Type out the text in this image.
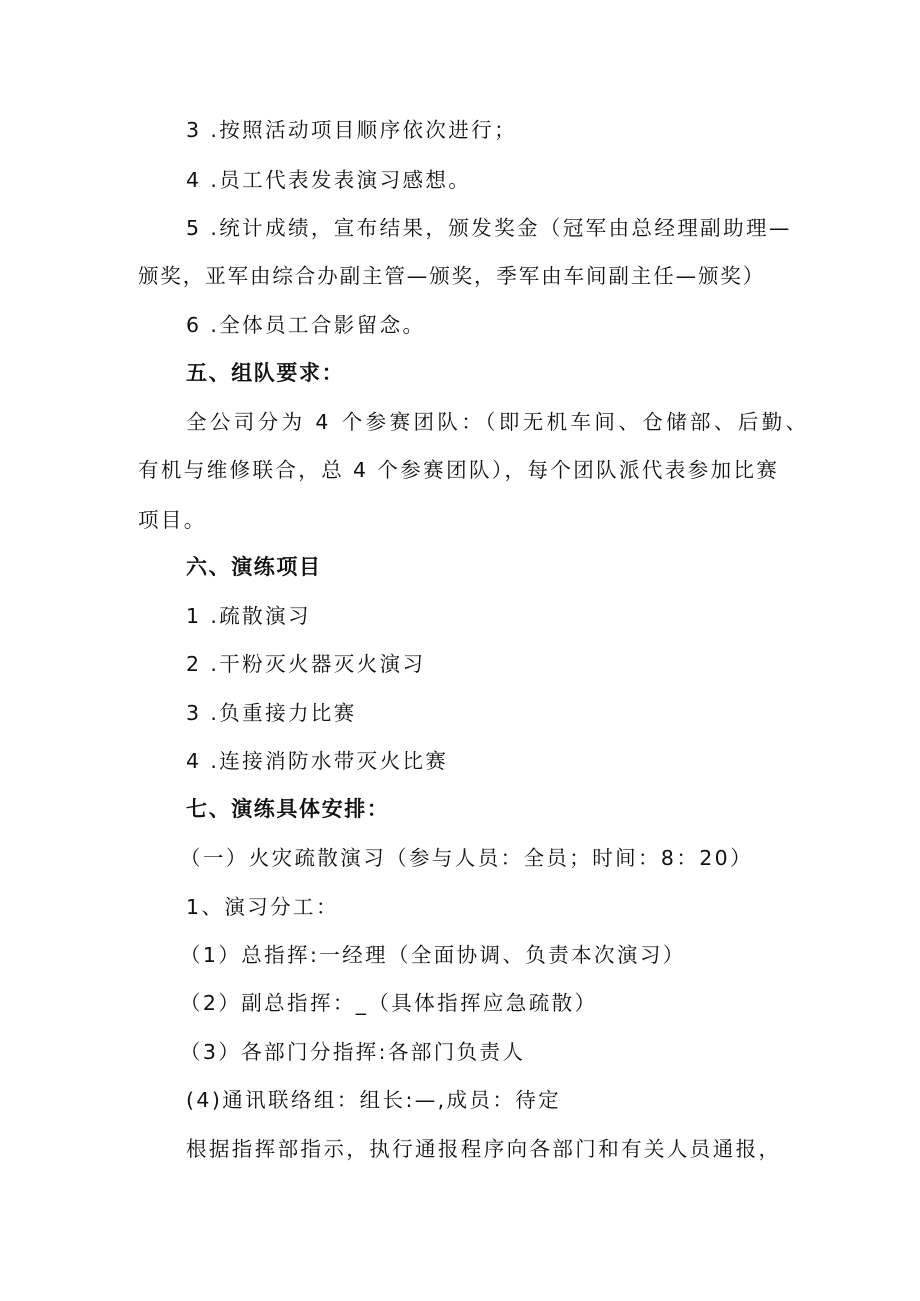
3 .按照活动项目顺序依次进行；
4 .员工代表发表演习感想。
5 .统计成绩，宣布结果，颁发奖金（冠军由总经理副助理—
颁奖，亚军由综合办副主管—颁奖，季军由车间副主任—颁奖）
6 .全体员工合影留念。
五、组队要求：
全公司分为 4 个参赛团队：（即无机车间、仓储部、后勤、
有机与维修联合，总 4 个参赛团队），每个团队派代表参加比赛
项目。
六、演练项目
1 .疏散演习
2 .干粉灭火器灭火演习
3 .负重接力比赛
4 .连接消防水带灭火比赛
七、演练具体安排：
（一）火灾疏散演习（参与人员：全员；时间：8：20）
1、演习分工：
（1）总指挥:一经理（全面协调、负责本次演习）
（2）副总指挥：_（具体指挥应急疏散）
（3）各部门分指挥:各部门负责人
(4)通讯联络组：组长:—,成员：待定
根据指挥部指示，执行通报程序向各部门和有关人员通报，
